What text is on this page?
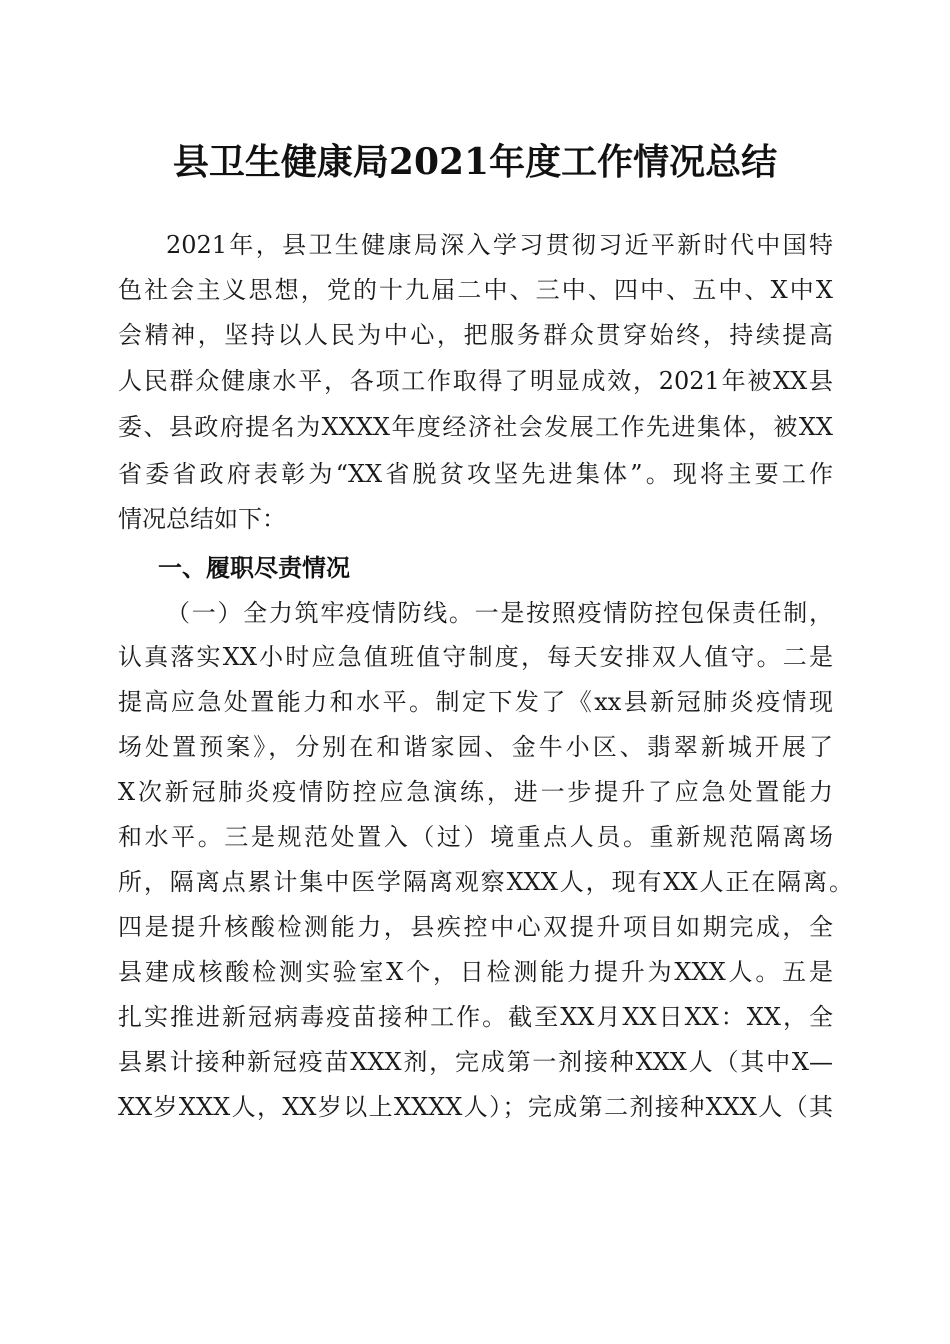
县卫生健康局2021年度工作情况总结
2021年，县卫生健康局深入学习贯彻习近平新时代中国特
色社会主义思想，党的十九届二中、三中、四中、五中、X中X
会精神，坚持以人民为中心，把服务群众贯穿始终，持续提高
人民群众健康水平，各项工作取得了明显成效，2021年被XX县
委、县政府提名为XXXX年度经济社会发展工作先进集体，被XX
省委省政府表彰为“XX省脱贫攻坚先进集体”。现将主要工作
情况总结如下：
一、履职尽责情况
（一）全力筑牢疫情防线。一是按照疫情防控包保责任制，
认真落实XX小时应急值班值守制度，每天安排双人值守。二是
提高应急处置能力和水平。制定下发了《xx县新冠肺炎疫情现
场处置预案》，分别在和谐家园、金牛小区、翡翠新城开展了
X次新冠肺炎疫情防控应急演练，进一步提升了应急处置能力
和水平。三是规范处置入（过）境重点人员。重新规范隔离场
所，隔离点累计集中医学隔离观察XXX人，现有XX人正在隔离。
四是提升核酸检测能力，县疾控中心双提升项目如期完成，全
县建成核酸检测实验室X个，日检测能力提升为XXX人。五是
扎实推进新冠病毒疫苗接种工作。截至XX月XX日XX：XX，全
县累计接种新冠疫苗XXX剂，完成第一剂接种XXX人（其中X—
XX岁XXX人，XX岁以上XXXX人）；完成第二剂接种XXX人（其
